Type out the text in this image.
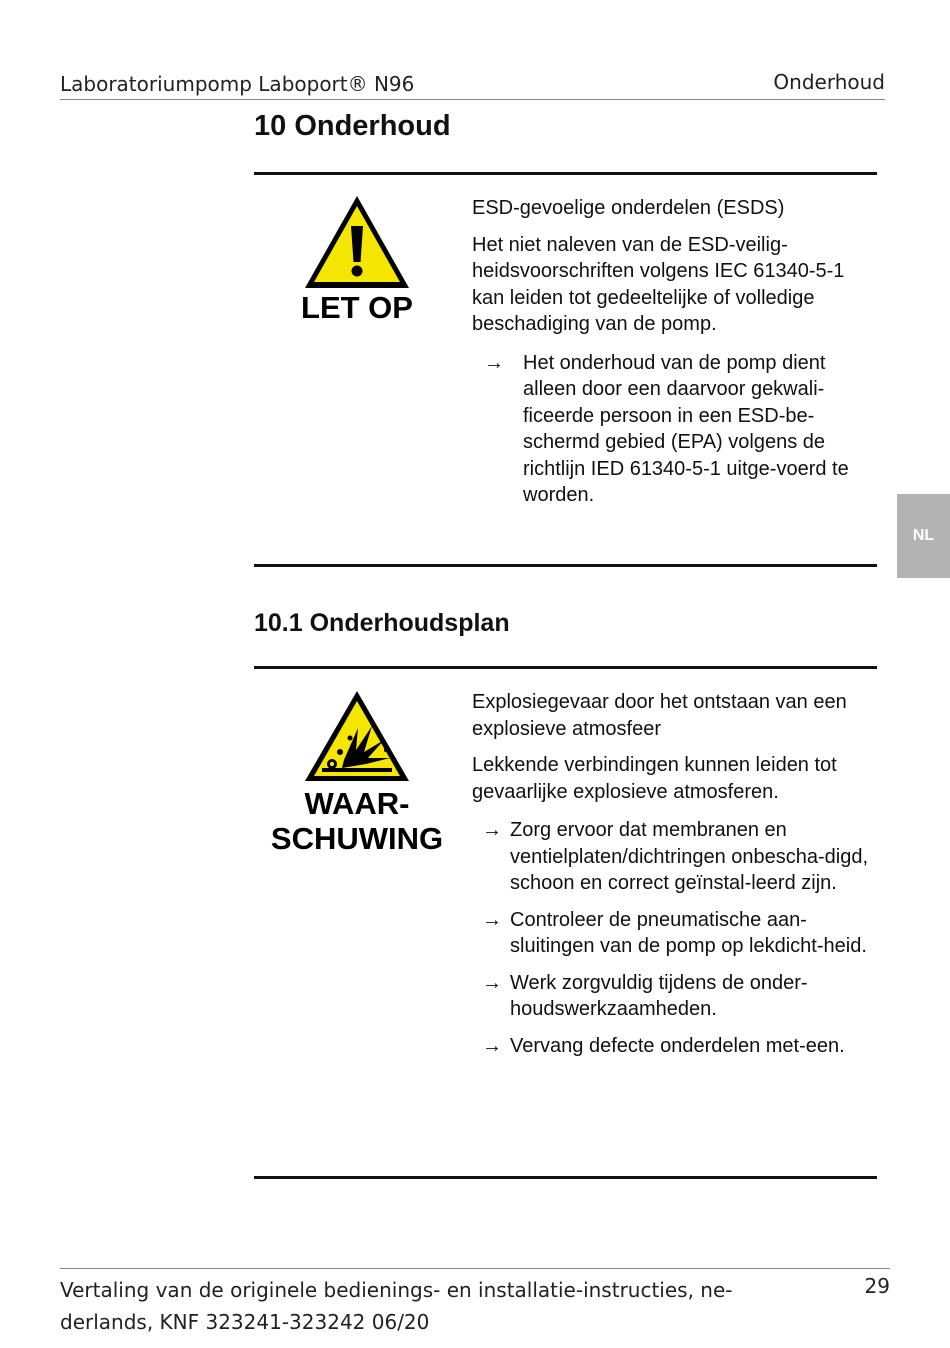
Laboratoriumpomp Laboport® N96	Onderhoud
10 Onderhoud
LET OP

ESD-gevoelige onderdelen (ESDS)

Het niet naleven van de ESD-veilig-heidsvoorschriften volgens IEC 61340-5-1 kan leiden tot gedeeltelijke of volledige beschadiging van de pomp.

→ Het onderhoud van de pomp dient alleen door een daarvoor gekwali-ficeerde persoon in een ESD-be-schermd gebied (EPA) volgens de richtlijn IED 61340-5-1 uitge-voerd te worden.
10.1 Onderhoudsplan
WAAR-
SCHUWING

Explosiegevaar door het ontstaan van een explosieve atmosfeer

Lekkende verbindingen kunnen leiden tot gevaarlijke explosieve atmosferen.

→ Zorg ervoor dat membranen en ventielplaten/dichtringen onbescha-digd, schoon en correct geïnstal-leerd zijn.
→ Controleer de pneumatische aan-sluitingen van de pomp op lekdicht-heid.
→ Werk zorgvuldig tijdens de onder-houdswerkzaamheden.
→ Vervang defecte onderdelen met-een.
NL
Vertaling van de originele bedienings- en installatie-instructies, ne-
derlands, KNF 323241-323242 06/20
29
